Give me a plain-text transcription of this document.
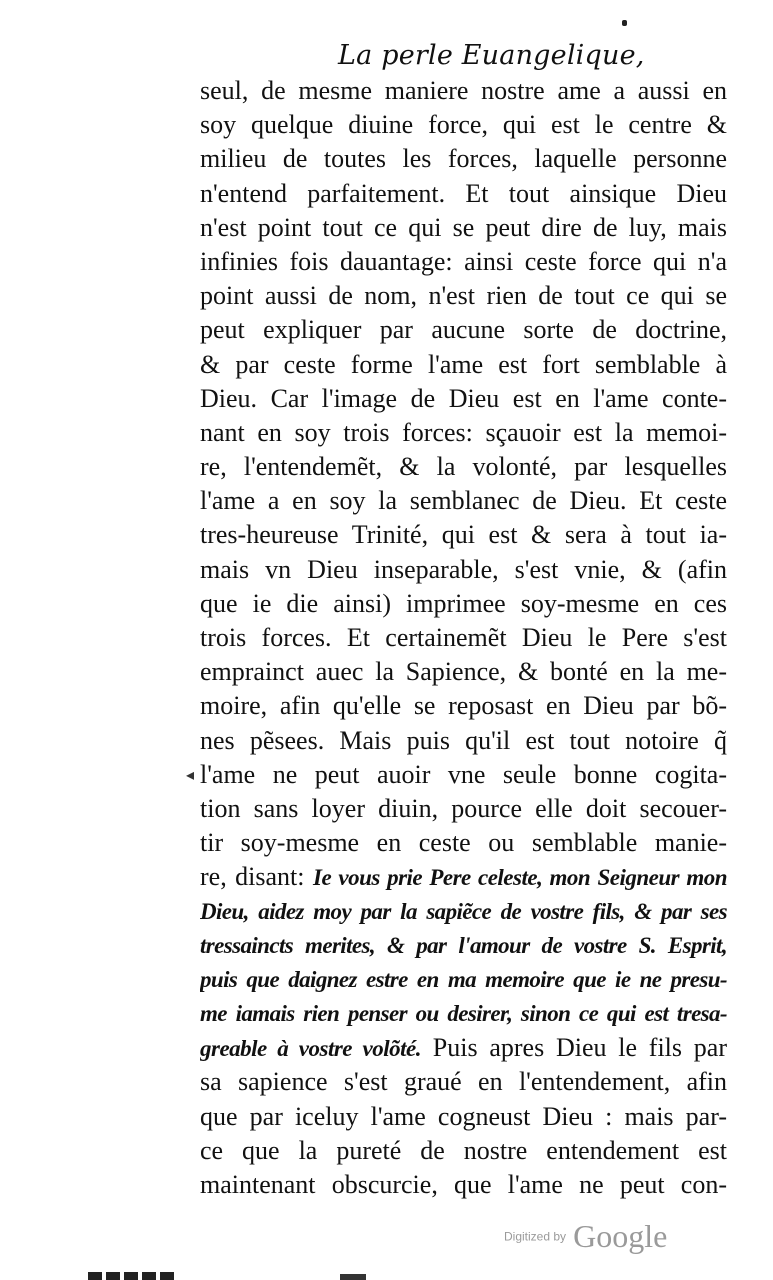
La perle Euangelique,
seul, de mesme maniere nostre ame a aussi en
soy quelque diuine force, qui est le centre &
milieu de toutes les forces, laquelle personne
n'entend parfaitement. Et tout ainsique Dieu
n'est point tout ce qui se peut dire de luy, mais
infinies fois dauantage: ainsi ceste force qui n'a
point aussi de nom, n'est rien de tout ce qui se
peut expliquer par aucune sorte de doctrine,
& par ceste forme l'ame est fort semblable à
Dieu. Car l'image de Dieu est en l'ame conte-
nant en soy trois forces: sçauoir est la memoi-
re, l'entendemẽt, & la volonté, par lesquelles
l'ame a en soy la semblanec de Dieu. Et ceste
tres-heureuse Trinité, qui est & sera à tout ia-
mais vn Dieu inseparable, s'est vnie, & (afin
que ie die ainsi) imprimee soy-mesme en ces
trois forces. Et certainemẽt Dieu le Pere s'est
emprainct auec la Sapience, & bonté en la me-
moire, afin qu'elle se reposast en Dieu par bõ-
nes pẽsees. Mais puis qu'il est tout notoire q̃
l'ame ne peut auoir vne seule bonne cogita-
tion sans loyer diuin, pource elle doit secouer-
tir soy-mesme en ceste ou semblable manie-
re, disant: Ie vous prie Pere celeste, mon Seigneur mon
Dieu, aidez moy par la sapiẽce de vostre fils, & par ses
tressaincts merites, & par l'amour de vostre S. Esprit,
puis que daignez estre en ma memoire que ie ne presu-
me iamais rien penser ou desirer, sinon ce qui est tresa-
greable à vostre volõté. Puis apres Dieu le fils par
sa sapience s'est graué en l'entendement, afin
que par iceluy l'ame cogneust Dieu : mais par-
ce que la pureté de nostre entendement est
maintenant obscurcie, que l'ame ne peut con-
◂
Digitized by Google
